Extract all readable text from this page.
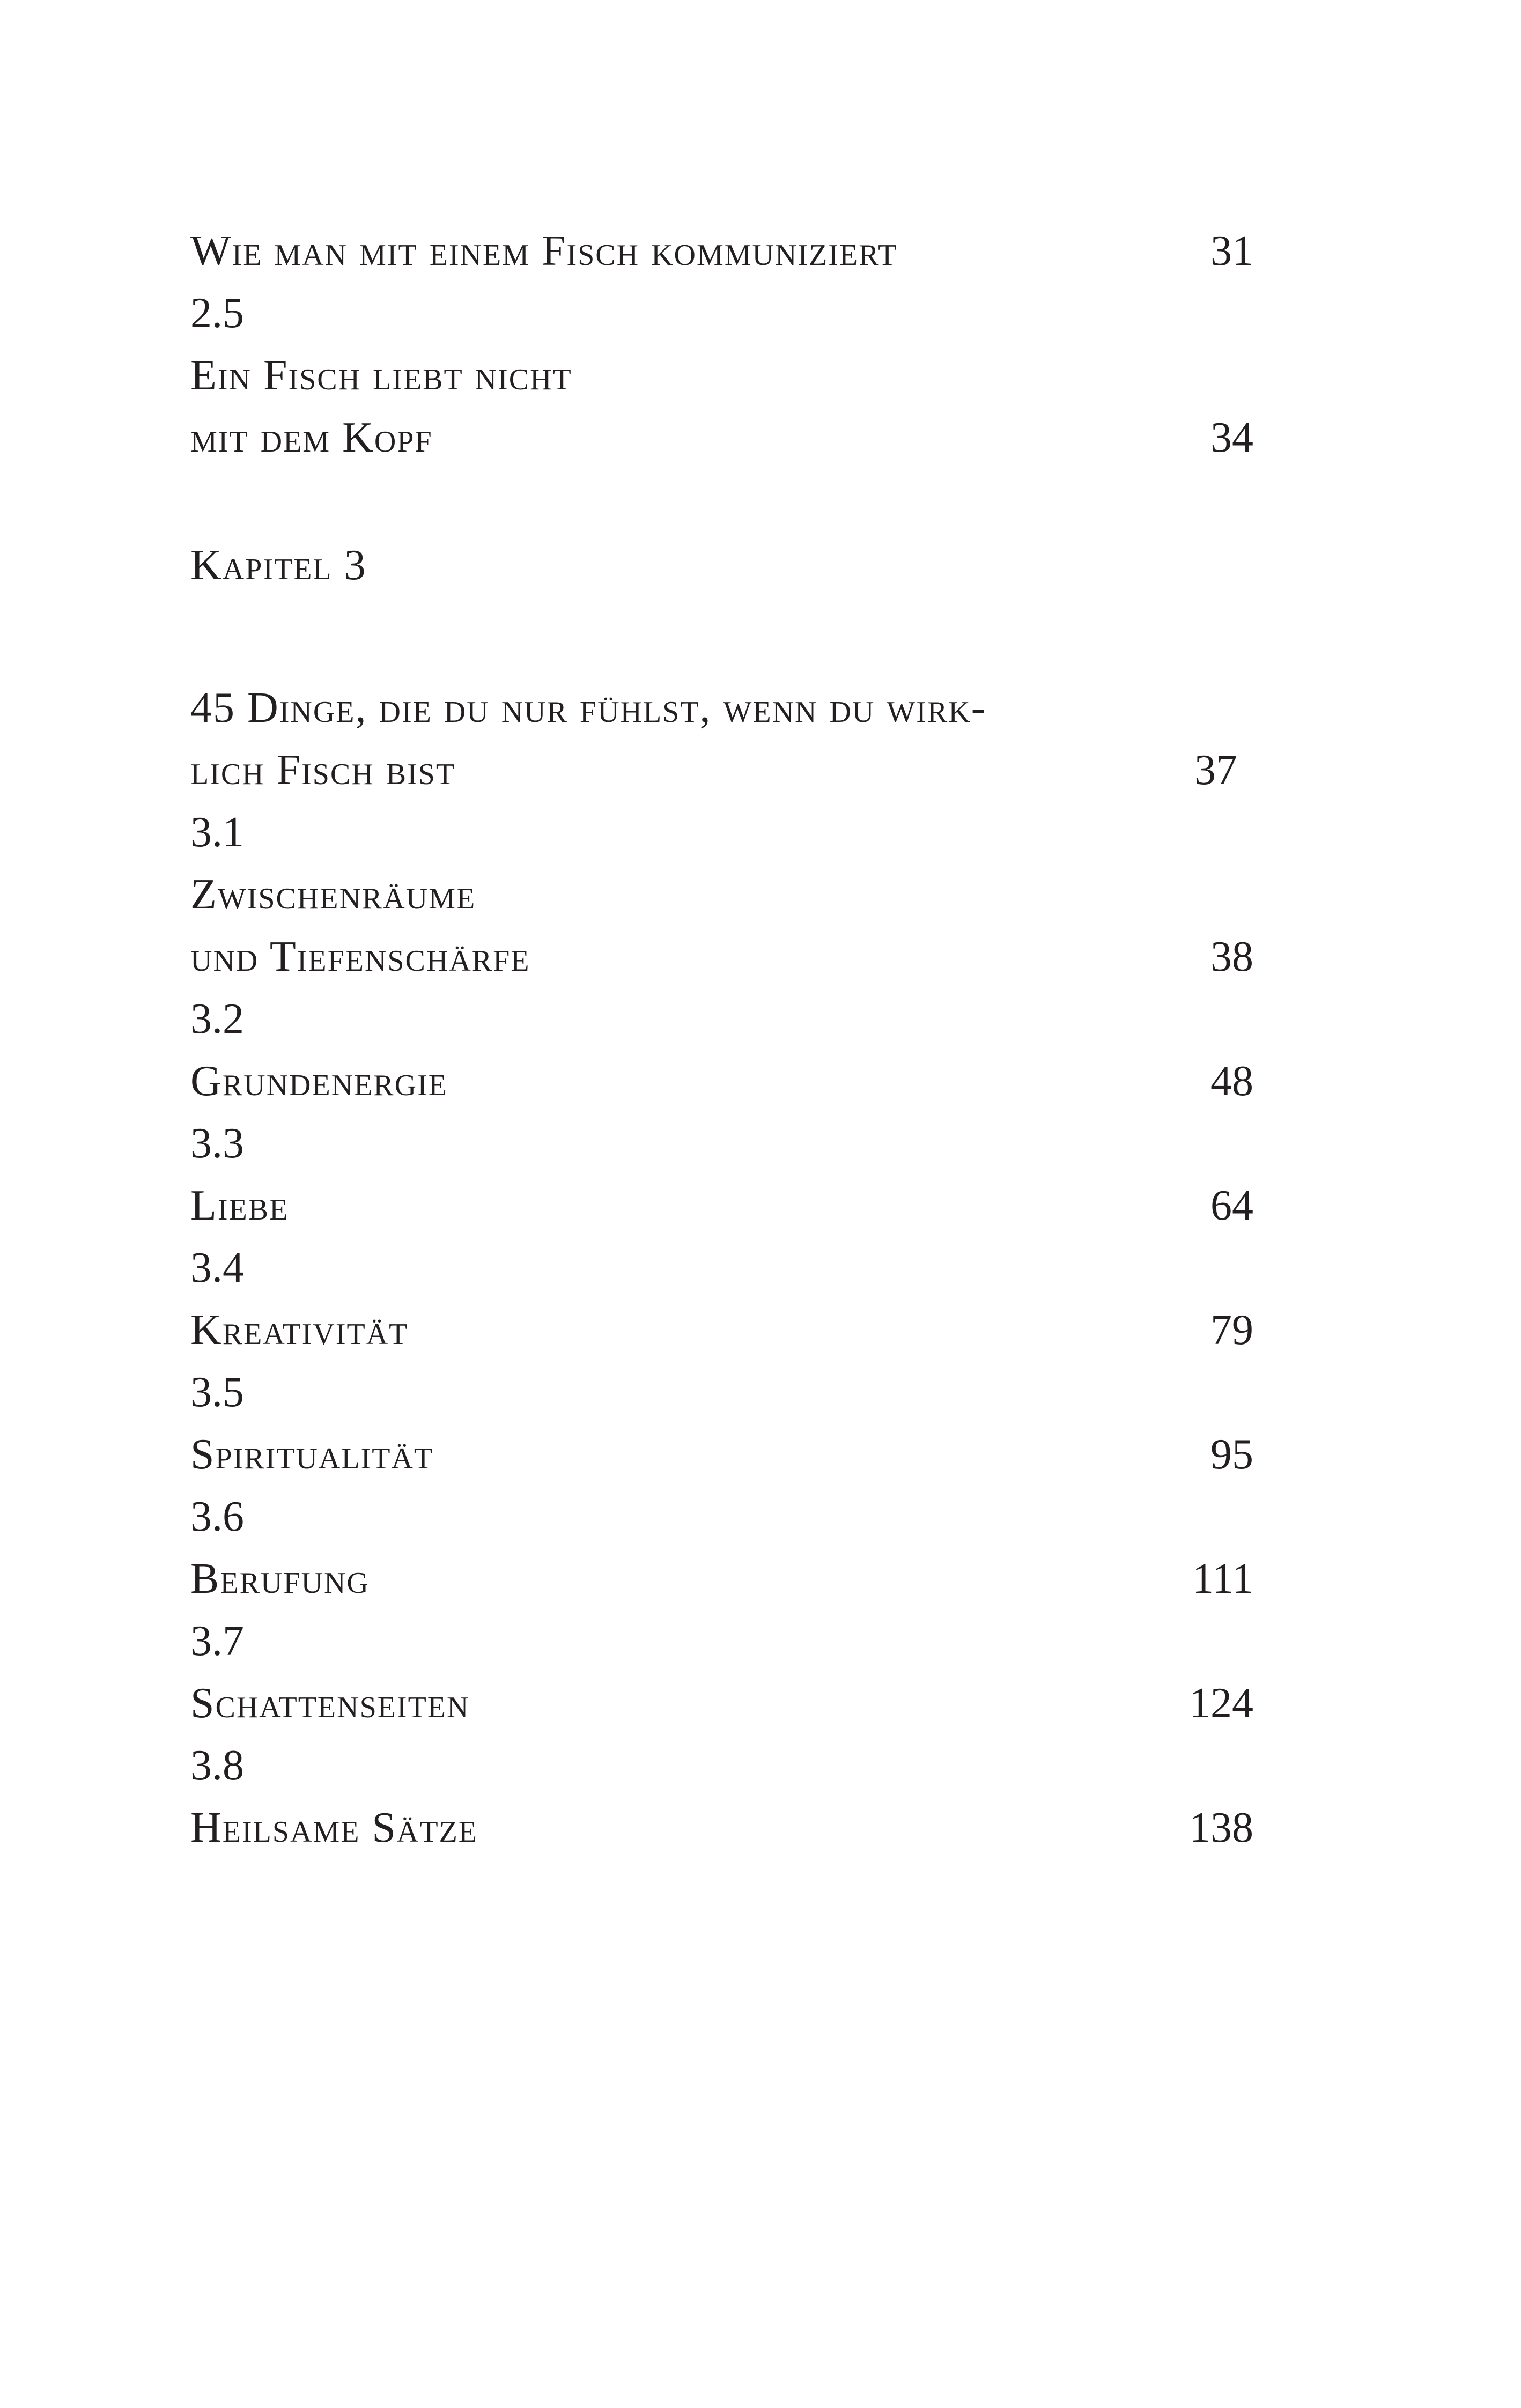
Wie man mit einem Fisch kommuniziert	31
2.5
Ein Fisch liebt nicht
mit dem Kopf	34
Kapitel 3
45 Dinge, die du nur fühlst, wenn du wirk-
lich Fisch bist	37
3.1
Zwischenräume
und Tiefenschärfe	38
3.2
Grundenergie	48
3.3
Liebe	64
3.4
Kreativität	79
3.5
Spiritualität	95
3.6
Berufung	111
3.7
Schattenseiten	124
3.8
Heilsame Sätze	138
